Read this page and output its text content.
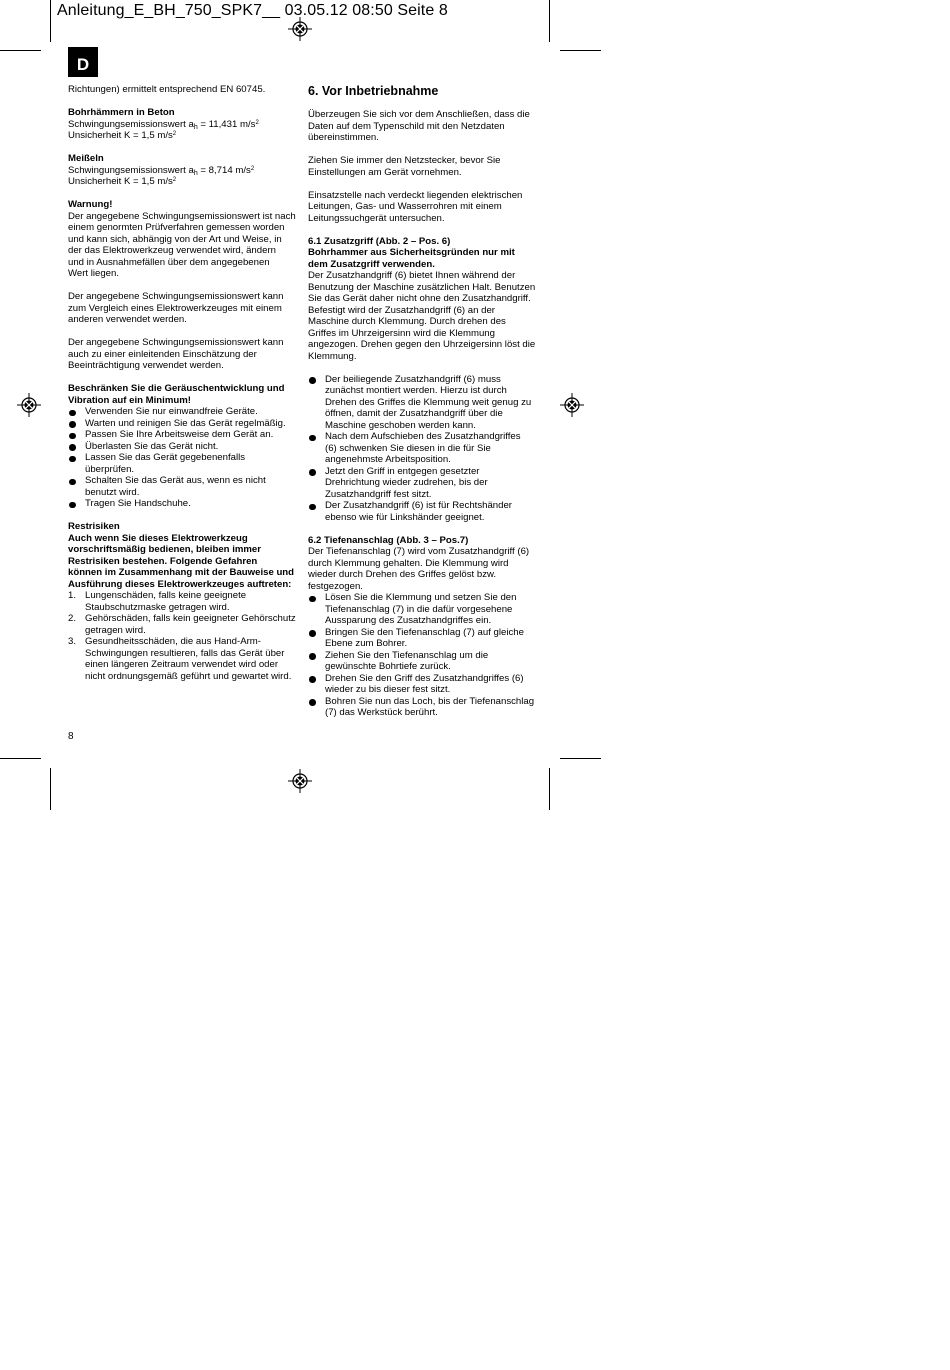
Anleitung_E_BH_750_SPK7__ 03.05.12 08:50 Seite 8
D

Richtungen) ermittelt entsprechend EN 60745.

Bohrhämmern in Beton

Schwingungsemissionswert $a_h = 11,431$ $m/s^2$

Unsicherheit K = 1,5 $m/s^2$

Meißeln

Schwingungsemissionswert $a_h = 8,714$ $m/s^2$

Unsicherheit K = 1,5 $m/s^2$

Warnung!

Der angegebene Schwingungsemissionswert ist nach

einem genormten Prüfverfahren gemessen worden

und kann sich, abhängig von der Art und Weise, in

der das Elektrowerkzeug verwendet wird, ändern

und in Ausnahmefällen über dem angegebenen

Wert liegen.

Der angegebene Schwingungsemissionswert kann

zum Vergleich eines Elektrowerkzeuges mit einem

anderen verwendet werden.

Der angegebene Schwingungsemissionswert kann

auch zu einer einleitenden Einschätzung der

Beeinträchtigung verwendet werden.

Beschränken Sie die Geräuschentwicklung und

Vibration auf ein Minimum!

Verwenden Sie nur einwandfreie Geräte.

Warten und reinigen Sie das Gerät regelmäßig.

Passen Sie Ihre Arbeitsweise dem Gerät an.

Überlasten Sie das Gerät nicht.

Lassen Sie das Gerät gegebenenfalls

überprüfen.

Schalten Sie das Gerät aus, wenn es nicht

benutzt wird.

Tragen Sie Handschuhe.

Restrisiken

Auch wenn Sie dieses Elektrowerkzeug

vorschriftsmäßig bedienen, bleiben immer

Restrisiken bestehen. Folgende Gefahren

können im Zusammenhang mit der Bauweise und

Ausführung dieses Elektrowerkzeuges auftreten:

1. Lungenschäden, falls keine geeignete

Staubschutzmaske getragen wird.

2. Gehörschäden, falls kein geeigneter Gehörschutz

getragen wird.

3. Gesundheitsschäden, die aus Hand-Arm-

Schwingungen resultieren, falls das Gerät über

einen längeren Zeitraum verwendet wird oder

nicht ordnungsgemäß geführt und gewartet wird.

6. Vor Inbetriebnahme

Überzeugen Sie sich vor dem Anschließen, dass die

Daten auf dem Typenschild mit den Netzdaten

übereinstimmen.

Ziehen Sie immer den Netzstecker, bevor Sie

Einstellungen am Gerät vornehmen.

Einsatzstelle nach verdeckt liegenden elektrischen

Leitungen, Gas- und Wasserrohren mit einem

Leitungssuchgerät untersuchen.

6.1 Zusatzgriff (Abb. 2 – Pos. 6)

Bohrhammer aus Sicherheitsgründen nur mit

dem Zusatzgriff verwenden.

Der Zusatzhandgriff (6) bietet Ihnen während der

Benutzung der Maschine zusätzlichen Halt. Benutzen

Sie das Gerät daher nicht ohne den Zusatzhandgriff.

Befestigt wird der Zusatzhandgriff (6) an der

Maschine durch Klemmung. Durch drehen des

Griffes im Uhrzeigersinn wird die Klemmung

angezogen. Drehen gegen den Uhrzeigersinn löst die

Klemmung.

Der beiliegende Zusatzhandgriff (6) muss

zunächst montiert werden. Hierzu ist durch

Drehen des Griffes die Klemmung weit genug zu

öffnen, damit der Zusatzhandgriff über die

Maschine geschoben werden kann.

Nach dem Aufschieben des Zusatzhandgriffes

(6) schwenken Sie diesen in die für Sie

angenehmste Arbeitsposition.

Jetzt den Griff in entgegen gesetzter

Drehrichtung wieder zudrehen, bis der

Zusatzhandgriff fest sitzt.

Der Zusatzhandgriff (6) ist für Rechtshänder

ebenso wie für Linkshänder geeignet.

6.2 Tiefenanschlag (Abb. 3 – Pos.7)

Der Tiefenanschlag (7) wird vom Zusatzhandgriff (6)

durch Klemmung gehalten. Die Klemmung wird

wieder durch Drehen des Griffes gelöst bzw.

festgezogen.

Lösen Sie die Klemmung und setzen Sie den

Tiefenanschlag (7) in die dafür vorgesehene

Aussparung des Zusatzhandgriffes ein.

Bringen Sie den Tiefenanschlag (7) auf gleiche

Ebene zum Bohrer.

Ziehen Sie den Tiefenanschlag um die

gewünschte Bohrtiefe zurück.

Drehen Sie den Griff des Zusatzhandgriffes (6)

wieder zu bis dieser fest sitzt.

Bohren Sie nun das Loch, bis der Tiefenanschlag

(7) das Werkstück berührt.

8
